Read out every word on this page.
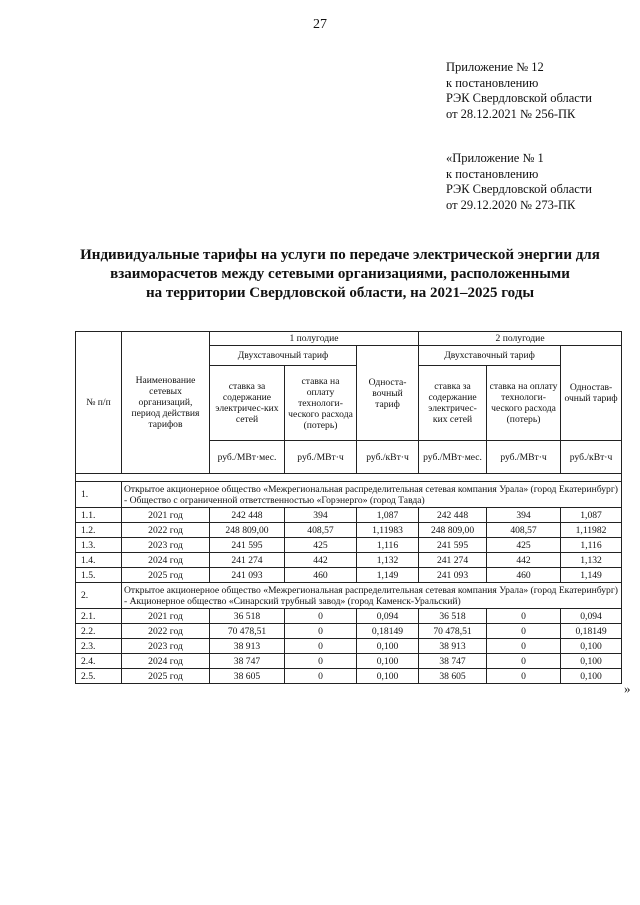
27
Приложение № 12
к постановлению
РЭК Свердловской области
от 28.12.2021 № 256-ПК
«Приложение № 1
к постановлению
РЭК Свердловской области
от 29.12.2020 № 273-ПК
Индивидуальные тарифы на услуги по передаче электрической энергии для
взаиморасчетов между сетевыми организациями, расположенными
на территории Свердловской области, на 2021–2025 годы
№ п/п	Наименование сетевых организаций, период действия тарифов	1 полугодие			2 полугодие		
		Двухставочный тариф		Односта-вочный тариф	Двухставочный тариф		Одностав-очный тариф
		ставка за содержание электричес-ких сетей	ставка на оплату технологи-ческого расхода (потерь)		ставка за содержание электричес-ких сетей	ставка на оплату технологи-ческого расхода (потерь)	
		руб./МВт·мес.	руб./МВт·ч	руб./кВт·ч	руб./МВт·мес.	руб./МВт·ч	руб./кВт·ч

1.	Открытое акционерное общество «Межрегиональная распределительная сетевая компания Урала» (город Екатеринбург) - Общество с ограниченной ответственностью «Горэнерго» (город Тавда)						
1.1.	2021 год	242 448	394	1,087	242 448	394	1,087
1.2.	2022 год	248 809,00	408,57	1,11983	248 809,00	408,57	1,11982
1.3.	2023 год	241 595	425	1,116	241 595	425	1,116
1.4.	2024 год	241 274	442	1,132	241 274	442	1,132
1.5.	2025 год	241 093	460	1,149	241 093	460	1,149
2.	Открытое акционерное общество «Межрегиональная распределительная сетевая компания Урала» (город Екатеринбург) - Акционерное общество «Синарский трубный завод» (город Каменск-Уральский)						
2.1.	2021 год	36 518	0	0,094	36 518	0	0,094
2.2.	2022 год	70 478,51	0	0,18149	70 478,51	0	0,18149
2.3.	2023 год	38 913	0	0,100	38 913	0	0,100
2.4.	2024 год	38 747	0	0,100	38 747	0	0,100
2.5.	2025 год	38 605	0	0,100	38 605	0	0,100
»
